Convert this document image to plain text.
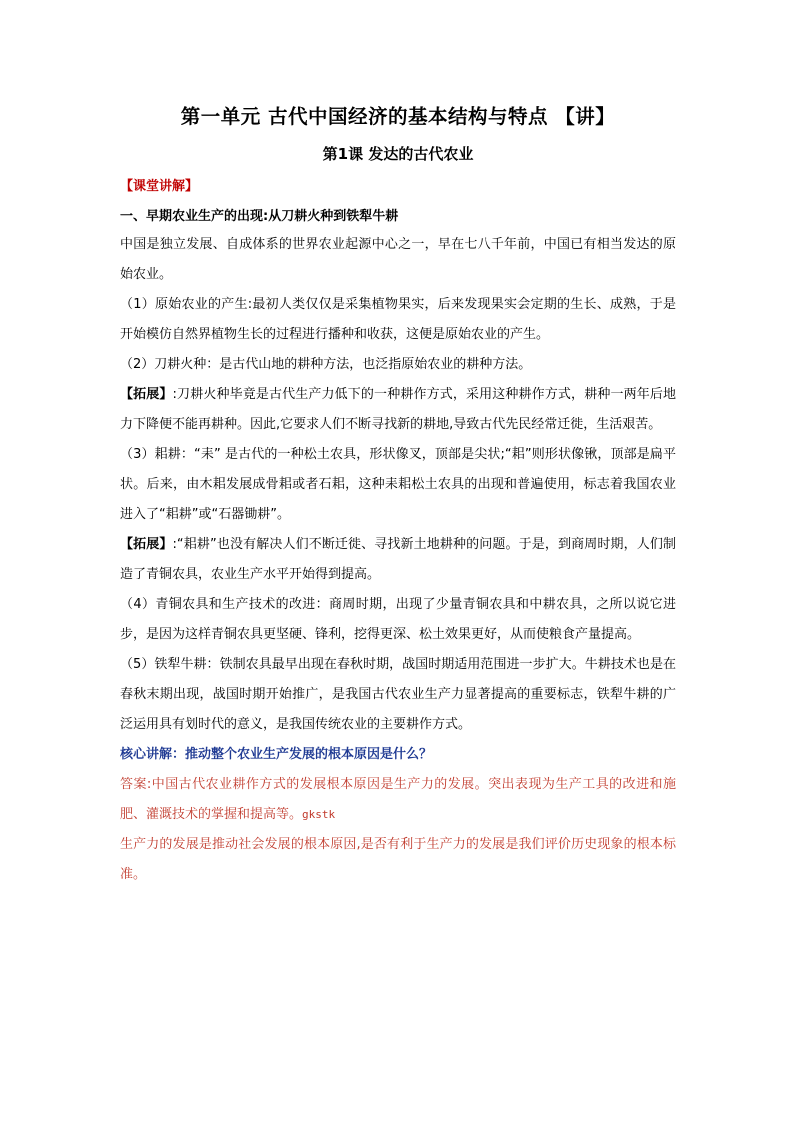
第一单元 古代中国经济的基本结构与特点 【讲】
第1课 发达的古代农业
【课堂讲解】
一、早期农业生产的出现:从刀耕火种到铁犁牛耕

中国是独立发展、自成体系的世界农业起源中心之一，早在七八千年前，中国已有相当发达的原始农业。

（1）原始农业的产生:最初人类仅仅是采集植物果实，后来发现果实会定期的生长、成熟，于是开始模仿自然界植物生长的过程进行播种和收获，这便是原始农业的产生。

（2）刀耕火种：是古代山地的耕种方法，也泛指原始农业的耕种方法。

【拓展】:刀耕火种毕竟是古代生产力低下的一种耕作方式，采用这种耕作方式，耕种一两年后地力下降便不能再耕种。因此,它要求人们不断寻找新的耕地,导致古代先民经常迁徙，生活艰苦。

（3）耜耕：“耒” 是古代的一种松土农具，形状像叉，顶部是尖状;“耜”则形状像锹，顶部是扁平状。后来，由木耜发展成骨耜或者石耜，这种耒耜松土农具的出现和普遍使用，标志着我国农业进入了“耜耕”或“石器锄耕”。

【拓展】:“耜耕”也没有解决人们不断迁徙、寻找新土地耕种的问题。于是，到商周时期，人们制造了青铜农具，农业生产水平开始得到提高。

（4）青铜农具和生产技术的改进：商周时期，出现了少量青铜农具和中耕农具，之所以说它进步，是因为这样青铜农具更坚硬、锋利，挖得更深、松土效果更好，从而使粮食产量提高。

（5）铁犁牛耕：铁制农具最早出现在春秋时期，战国时期适用范围进一步扩大。牛耕技术也是在春秋末期出现，战国时期开始推广，是我国古代农业生产力显著提高的重要标志，铁犁牛耕的广泛运用具有划时代的意义，是我国传统农业的主要耕作方式。

核心讲解：推动整个农业生产发展的根本原因是什么？

答案:中国古代农业耕作方式的发展根本原因是生产力的发展。突出表现为生产工具的改进和施肥、灌溉技术的掌握和提高等。gkstk

生产力的发展是推动社会发展的根本原因,是否有利于生产力的发展是我们评价历史现象的根本标准。
